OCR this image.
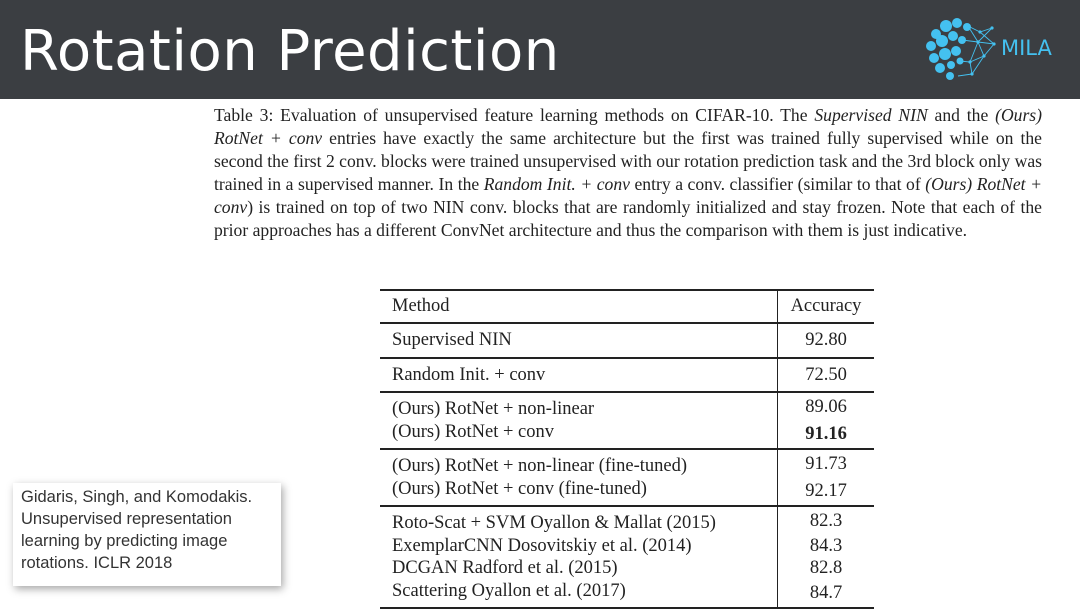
Rotation Prediction	MILA
Table 3: Evaluation of unsupervised feature learning methods on CIFAR-10. The Supervised NIN and the (Ours) RotNet + conv entries have exactly the same architecture but the first was trained fully supervised while on the second the first 2 conv. blocks were trained unsupervised with our rotation prediction task and the 3rd block only was trained in a supervised manner. In the Random Init. + conv entry a conv. classifier (similar to that of (Ours) RotNet + conv) is trained on top of two NIN conv. blocks that are randomly initialized and stay frozen. Note that each of the prior approaches has a different ConvNet architecture and thus the comparison with them is just indicative.
Method	Accuracy
Supervised NIN	92.80
Random Init. + conv	72.50
(Ours) RotNet + non-linear	89.06
(Ours) RotNet + conv	91.16
(Ours) RotNet + non-linear (fine-tuned)	91.73
(Ours) RotNet + conv (fine-tuned)	92.17
Roto-Scat + SVM Oyallon & Mallat (2015)	82.3
ExemplarCNN Dosovitskiy et al. (2014)	84.3
DCGAN Radford et al. (2015)	82.8
Scattering Oyallon et al. (2017)	84.7
Gidaris, Singh, and Komodakis.
Unsupervised representation
learning by predicting image
rotations. ICLR 2018
